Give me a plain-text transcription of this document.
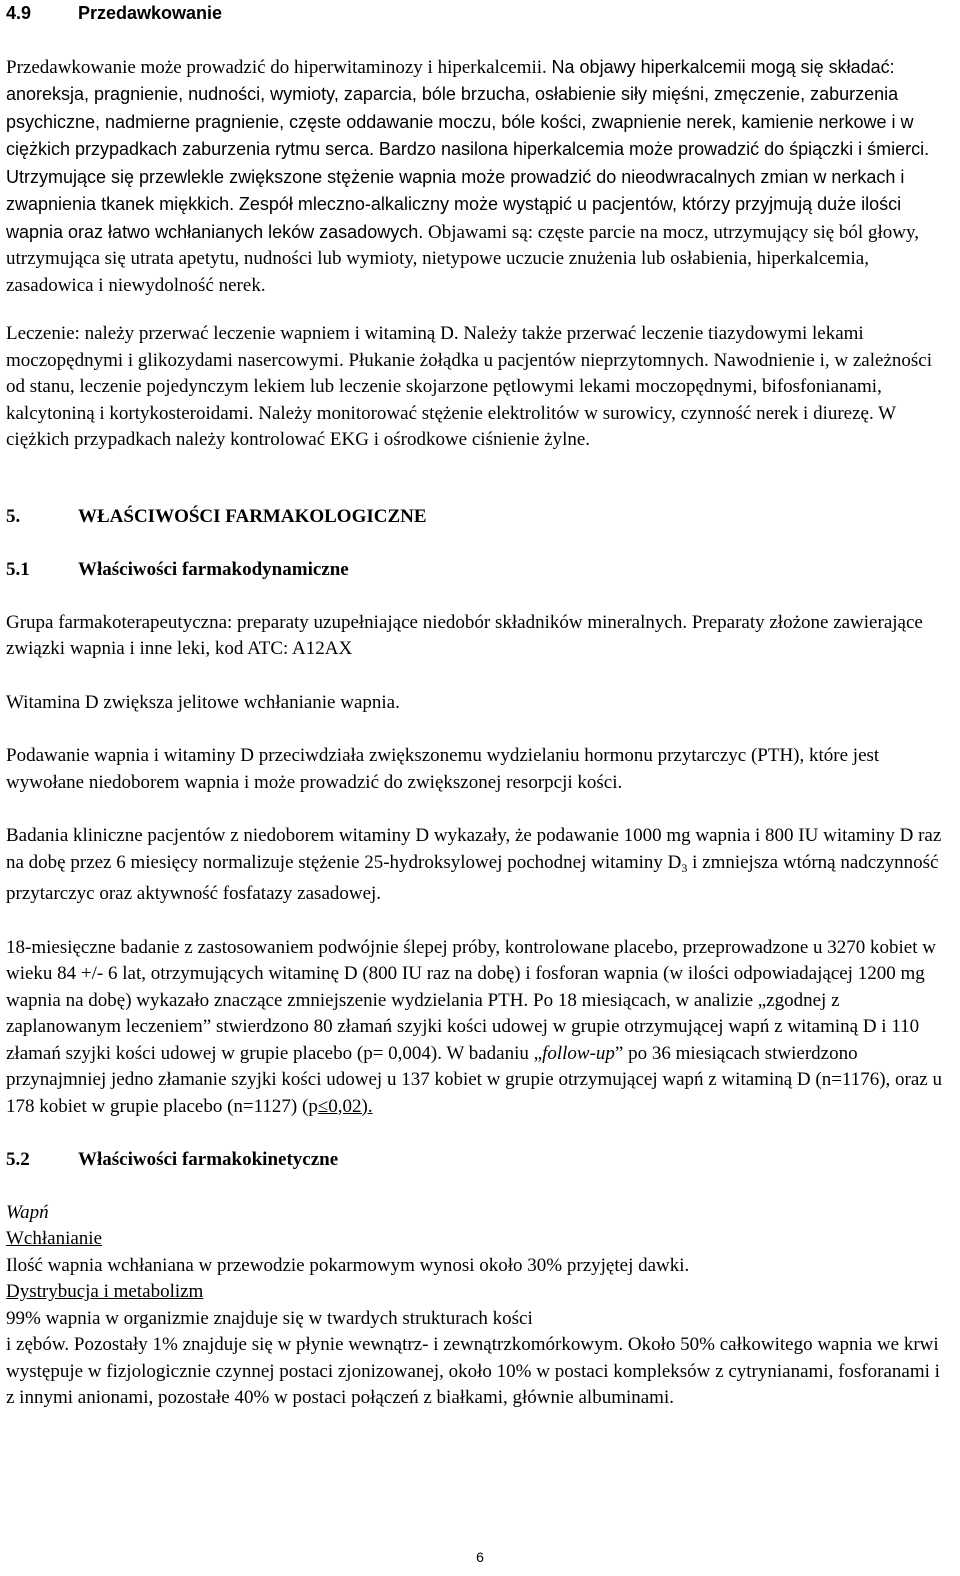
4.9	Przedawkowanie

Przedawkowanie może prowadzić do hiperwitaminozy i hiperkalcemii. Na objawy hiperkalcemii mogą się składać: anoreksja, pragnienie, nudności, wymioty, zaparcia, bóle brzucha, osłabienie siły mięśni, zmęczenie, zaburzenia psychiczne, nadmierne pragnienie, częste oddawanie moczu, bóle kości, zwapnienie nerek, kamienie nerkowe i w ciężkich przypadkach zaburzenia rytmu serca. Bardzo nasilona hiperkalcemia może prowadzić do śpiączki i śmierci. Utrzymujące się przewlekle zwiększone stężenie wapnia może prowadzić do nieodwracalnych zmian w nerkach i zwapnienia tkanek miękkich. Zespół mleczno-alkaliczny może wystąpić u pacjentów, którzy przyjmują duże ilości wapnia oraz łatwo wchłanianych leków zasadowych. Objawami są: częste parcie na mocz, utrzymujący się ból głowy, utrzymująca się utrata apetytu, nudności lub wymioty, nietypowe uczucie znużenia lub osłabienia, hiperkalcemia, zasadowica i niewydolność nerek.

Leczenie: należy przerwać leczenie wapniem i witaminą D. Należy także przerwać leczenie tiazydowymi lekami moczopędnymi i glikozydami nasercowymi. Płukanie żołądka u pacjentów nieprzytomnych. Nawodnienie i, w zależności od stanu, leczenie pojedynczym lekiem lub leczenie skojarzone pętlowymi lekami moczopędnymi, bifosfonianami, kalcytoniną i kortykosteroidami. Należy monitorować stężenie elektrolitów w surowicy, czynność nerek i diurezę. W ciężkich przypadkach należy kontrolować EKG i ośrodkowe ciśnienie żylne.

5.	WŁAŚCIWOŚCI FARMAKOLOGICZNE
5.1	Właściwości farmakodynamiczne

Grupa farmakoterapeutyczna: preparaty uzupełniające niedobór składników mineralnych. Preparaty złożone zawierające związki wapnia i inne leki, kod ATC: A12AX

Witamina D zwiększa jelitowe wchłanianie wapnia.

Podawanie wapnia i witaminy D przeciwdziała zwiększonemu wydzielaniu hormonu przytarczyc (PTH), które jest wywołane niedoborem wapnia i może prowadzić do zwiększonej resorpcji kości.

Badania kliniczne pacjentów z niedoborem witaminy D wykazały, że podawanie 1000 mg wapnia i 800 IU witaminy D raz na dobę przez 6 miesięcy normalizuje stężenie 25-hydroksylowej pochodnej witaminy $D_3$ i zmniejsza wtórną nadczynność przytarczyc oraz aktywność fosfatazy zasadowej.

18-miesięczne badanie z zastosowaniem podwójnie ślepej próby, kontrolowane placebo, przeprowadzone u 3270 kobiet w wieku 84 +/- 6 lat, otrzymujących witaminę D (800 IU raz na dobę) i fosforan wapnia (w ilości odpowiadającej 1200 mg wapnia na dobę) wykazało znaczące zmniejszenie wydzielania PTH. Po 18 miesiącach, w analizie „zgodnej z zaplanowanym leczeniem” stwierdzono 80 złamań szyjki kości udowej w grupie otrzymującej wapń z witaminą D i 110 złamań szyjki kości udowej w grupie placebo (p= 0,004). W badaniu „follow-up” po 36 miesiącach stwierdzono przynajmniej jedno złamanie szyjki kości udowej u 137 kobiet w grupie otrzymującej wapń z witaminą D (n=1176), oraz u 178 kobiet w grupie placebo (n=1127) (p≤0,02).

5.2	Właściwości farmakokinetyczne

Wapń

Wchłanianie

Ilość wapnia wchłaniana w przewodzie pokarmowym wynosi około 30% przyjętej dawki.

Dystrybucja i metabolizm

99% wapnia w organizmie znajduje się w twardych strukturach kości

i zębów. Pozostały 1% znajduje się w płynie wewnątrz- i zewnątrzkomórkowym. Około 50% całkowitego wapnia we krwi występuje w fizjologicznie czynnej postaci zjonizowanej, około 10% w postaci kompleksów z cytrynianami, fosforanami i z innymi anionami, pozostałe 40% w postaci połączeń z białkami, głównie albuminami.

6
